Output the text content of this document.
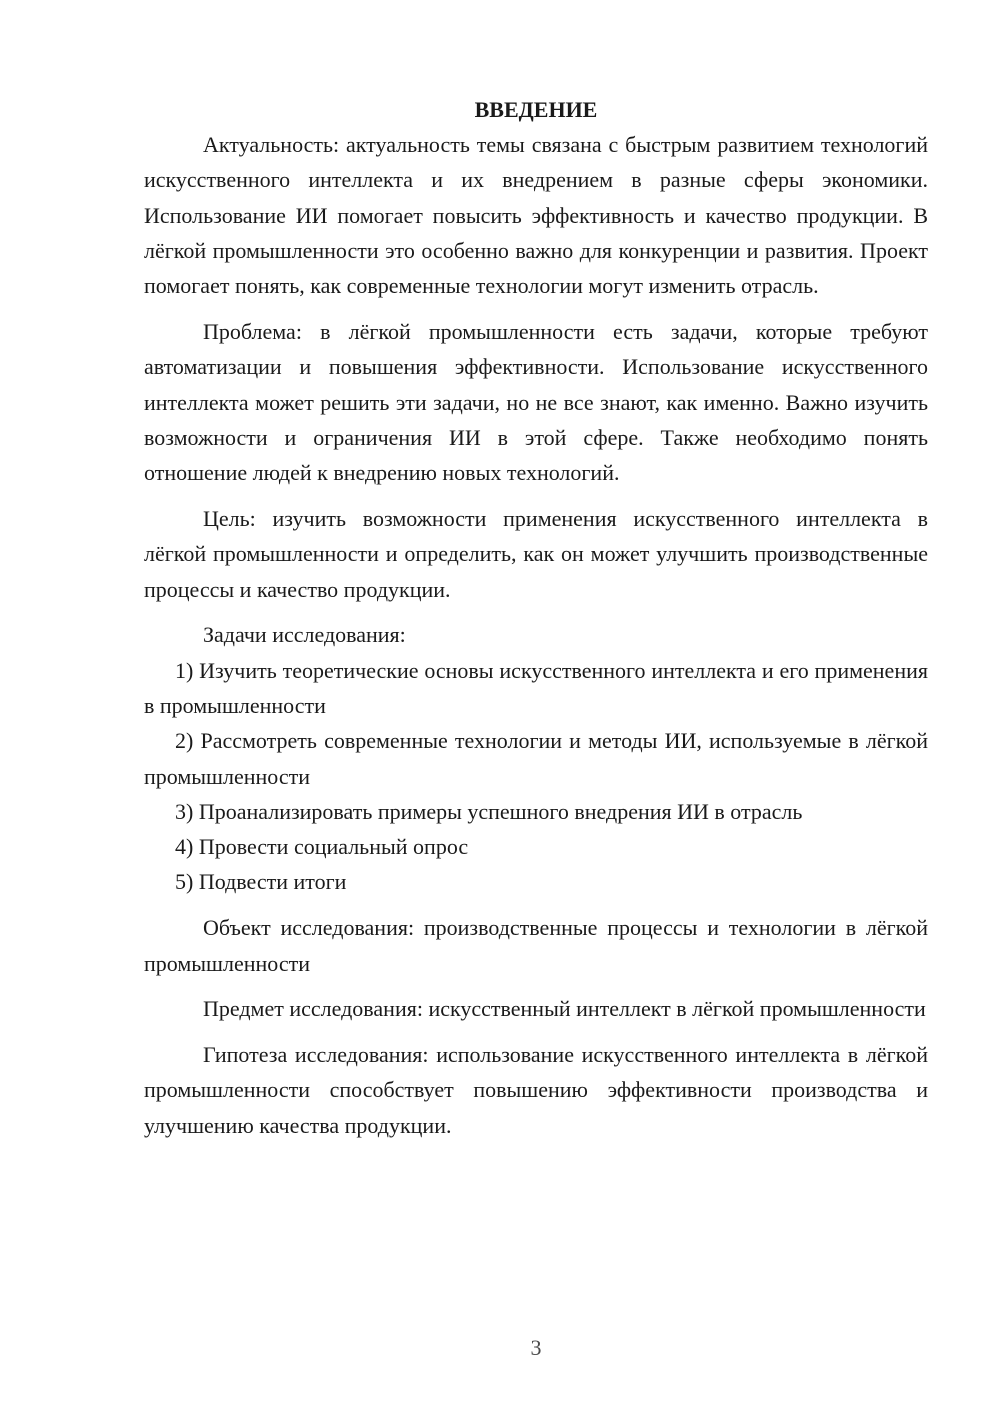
ВВЕДЕНИЕ

Актуальность: актуальность темы связана с быстрым развитием технологий искусственного интеллекта и их внедрением в разные сферы экономики. Использование ИИ помогает повысить эффективность и качество продукции. В лёгкой промышленности это особенно важно для конкуренции и развития. Проект помогает понять, как современные технологии могут изменить отрасль.

Проблема: в лёгкой промышленности есть задачи, которые требуют автоматизации и повышения эффективности. Использование искусственного интеллекта может решить эти задачи, но не все знают, как именно. Важно изучить возможности и ограничения ИИ в этой сфере. Также необходимо понять отношение людей к внедрению новых технологий.

Цель: изучить возможности применения искусственного интеллекта в лёгкой промышленности и определить, как он может улучшить производственные процессы и качество продукции.

Задачи исследования:

1) Изучить теоретические основы искусственного интеллекта и его применения в промышленности

2) Рассмотреть современные технологии и методы ИИ, используемые в лёгкой промышленности

3) Проанализировать примеры успешного внедрения ИИ в отрасль

4) Провести социальный опрос

5) Подвести итоги

Объект исследования: производственные процессы и технологии в лёгкой промышленности

Предмет исследования: искусственный интеллект в лёгкой промышленности

Гипотеза исследования: использование искусственного интеллекта в лёгкой промышленности способствует повышению эффективности производства и улучшению качества продукции.

3
